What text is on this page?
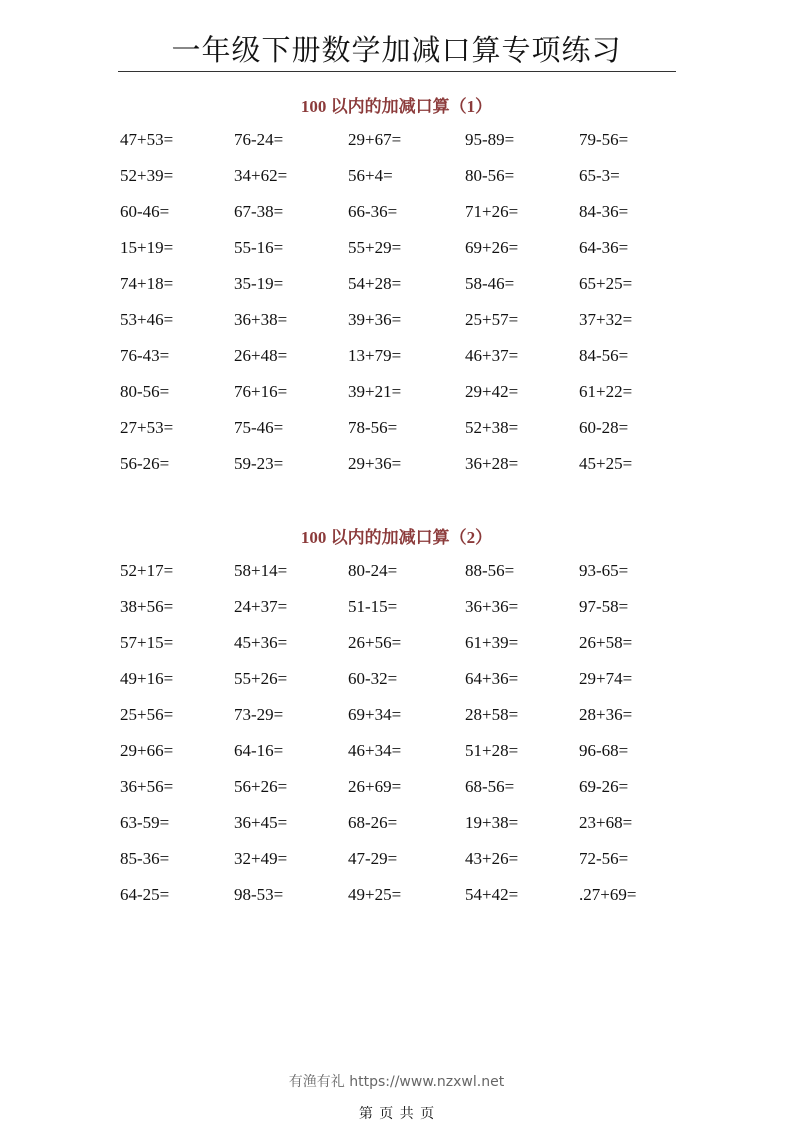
一年级下册数学加减口算专项练习
100 以内的加减口算（1）
47+53=	76-24=	29+67=	95-89=	79-56=
52+39=	34+62=	56+4=	80-56=	65-3=
60-46=	67-38=	66-36=	71+26=	84-36=
15+19=	55-16=	55+29=	69+26=	64-36=
74+18=	35-19=	54+28=	58-46=	65+25=
53+46=	36+38=	39+36=	25+57=	37+32=
76-43=	26+48=	13+79=	46+37=	84-56=
80-56=	76+16=	39+21=	29+42=	61+22=
27+53=	75-46=	78-56=	52+38=	60-28=
56-26=	59-23=	29+36=	36+28=	45+25=
100 以内的加减口算（2）
52+17=	58+14=	80-24=	88-56=	93-65=
38+56=	24+37=	51-15=	36+36=	97-58=
57+15=	45+36=	26+56=	61+39=	26+58=
49+16=	55+26=	60-32=	64+36=	29+74=
25+56=	73-29=	69+34=	28+58=	28+36=
29+66=	64-16=	46+34=	51+28=	96-68=
36+56=	56+26=	26+69=	68-56=	69-26=
63-59=	36+45=	68-26=	19+38=	23+68=
85-36=	32+49=	47-29=	43+26=	72-56=
64-25=	98-53=	49+25=	54+42=	.27+69=
有渔有礼 https://www.nzxwl.net
第 页 共 页
